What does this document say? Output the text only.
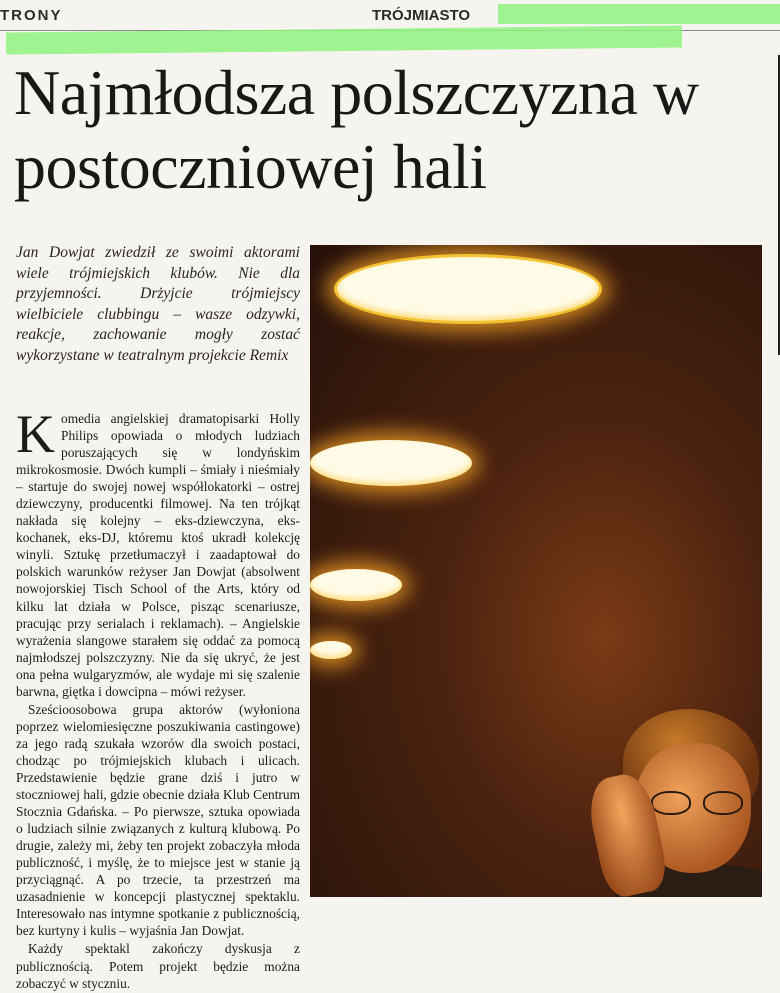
TRONY	TRÓJMIASTO
Najmłodsza polszczyzna w postoczniowej hali

Jan Dowjat zwiedził ze swoimi aktorami wiele trójmiejskich klubów. Nie dla przyjemności. Drżyjcie trójmiejscy wielbiciele clubbingu – wasze odzywki, reakcje, zachowanie mogły zostać wykorzystane w teatralnym projekcie Remix

Komedia angielskiej dramatopisarki Holly Philips opowiada o młodych ludziach poruszających się w londyńskim mikrokosmosie. Dwóch kumpli – śmiały i nieśmiały – startuje do swojej nowej współlokatorki – ostrej dziewczyny, producentki filmowej. Na ten trójkąt nakłada się kolejny – eks-dziewczyna, eks-kochanek, eks-DJ, któremu ktoś ukradł kolekcję winyli. Sztukę przetłumaczył i zaadaptował do polskich warunków reżyser Jan Dowjat (absolwent nowojorskiej Tisch School of the Arts, który od kilku lat działa w Polsce, pisząc scenariusze, pracując przy serialach i reklamach). – Angielskie wyrażenia slangowe starałem się oddać za pomocą najmłodszej polszczyzny. Nie da się ukryć, że jest ona pełna wulgaryzmów, ale wydaje mi się szalenie barwna, giętka i dowcipna – mówi reżyser.

Sześcioosobowa grupa aktorów (wyłoniona poprzez wielomiesięczne poszukiwania castingowe) za jego radą szukała wzorów dla swoich postaci, chodząc po trójmiejskich klubach i ulicach. Przedstawienie będzie grane dziś i jutro w stoczniowej hali, gdzie obecnie działa Klub Centrum Stocznia Gdańska. – Po pierwsze, sztuka opowiada o ludziach silnie związanych z kulturą klubową. Po drugie, zależy mi, żeby ten projekt zobaczyła młoda publiczność, i myślę, że to miejsce jest w stanie ją przyciągnąć. A po trzecie, ta przestrzeń ma uzasadnienie w koncepcji plastycznej spektaklu. Interesowało nas intymne spotkanie z publicznością, bez kurtyny i kulis – wyjaśnia Jan Dowjat.

Każdy spektakl zakończy dyskusja z publicznością. Potem projekt będzie można zobaczyć w styczniu.
